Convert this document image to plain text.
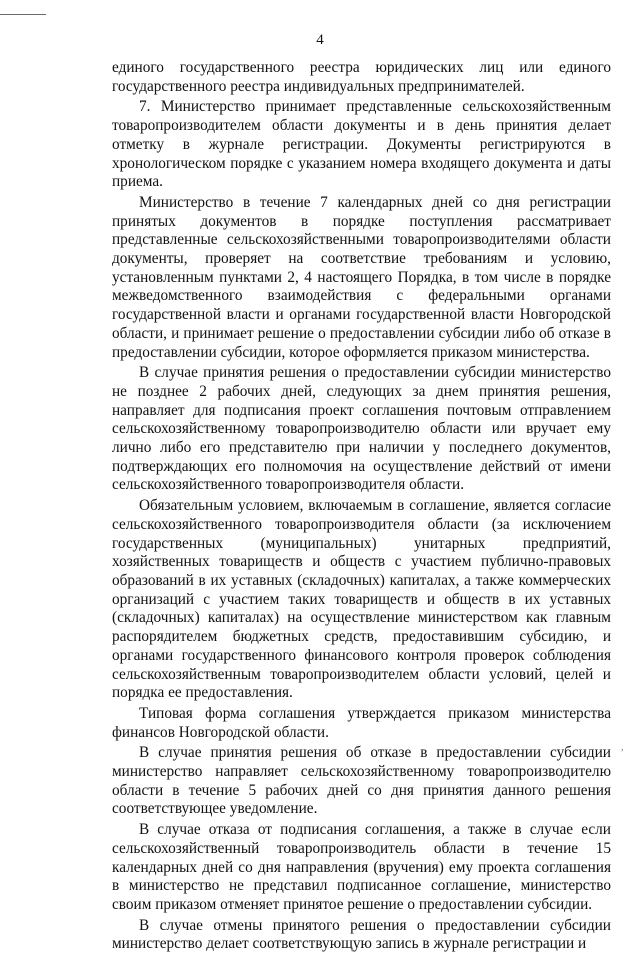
4

единого государственного реестра юридических лиц или единого государственного реестра индивидуальных предпринимателей.

7. Министерство принимает представленные сельскохозяйственным товаропроизводителем области документы и в день принятия делает отметку в журнале регистрации. Документы регистрируются в хронологическом порядке с указанием номера входящего документа и даты приема.

Министерство в течение 7 календарных дней со дня регистрации принятых документов в порядке поступления рассматривает представленные сельскохозяйственными товаропроизводителями области документы, проверяет на соответствие требованиям и условию, установленным пунктами 2, 4 настоящего Порядка, в том числе в порядке межведомственного взаимодействия с федеральными органами государственной власти и органами государственной власти Новгородской области, и принимает решение о предоставлении субсидии либо об отказе в предоставлении субсидии, которое оформляется приказом министерства.

В случае принятия решения о предоставлении субсидии министерство не позднее 2 рабочих дней, следующих за днем принятия решения, направляет для подписания проект соглашения почтовым отправлением сельскохозяйственному товаропроизводителю области или вручает ему лично либо его представителю при наличии у последнего документов, подтверждающих его полномочия на осуществление действий от имени сельскохозяйственного товаропроизводителя области.

Обязательным условием, включаемым в соглашение, является согласие сельскохозяйственного товаропроизводителя области (за исключением государственных (муниципальных) унитарных предприятий, хозяйственных товариществ и обществ с участием публично-правовых образований в их уставных (складочных) капиталах, а также коммерческих организаций с участием таких товариществ и обществ в их уставных (складочных) капиталах) на осуществление министерством как главным распорядителем бюджетных средств, предоставившим субсидию, и органами государственного финансового контроля проверок соблюдения сельскохозяйственным товаропроизводителем области условий, целей и порядка ее предоставления.

Типовая форма соглашения утверждается приказом министерства финансов Новгородской области.

В случае принятия решения об отказе в предоставлении субсидии министерство направляет сельскохозяйственному товаропроизводителю области в течение 5 рабочих дней со дня принятия данного решения соответствующее уведомление.

В случае отказа от подписания соглашения, а также в случае если сельскохозяйственный товаропроизводитель области в течение 15 календарных дней со дня направления (вручения) ему проекта соглашения в министерство не представил подписанное соглашение, министерство своим приказом отменяет принятое решение о предоставлении субсидии.

В случае отмены принятого решения о предоставлении субсидии министерство делает соответствующую запись в журнале регистрации и

,
